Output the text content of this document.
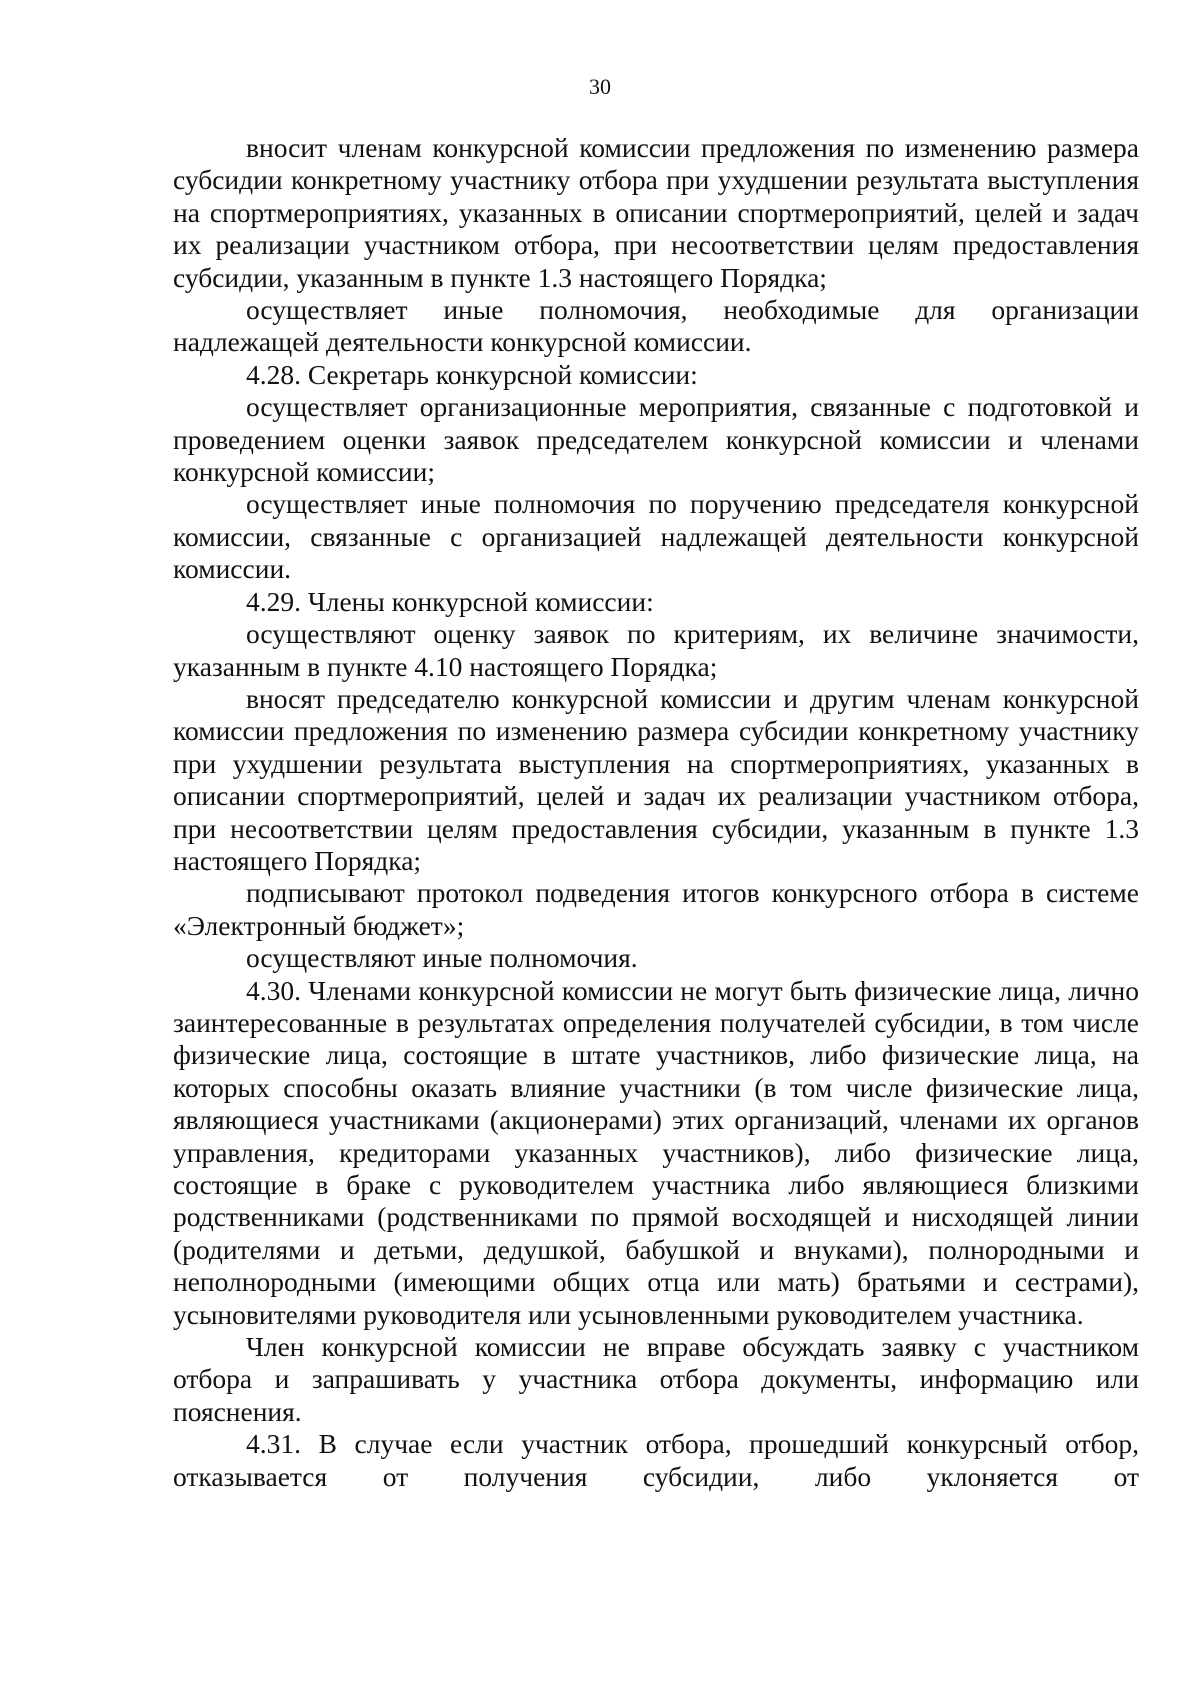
30

вносит членам конкурсной комиссии предложения по изменению размера субсидии конкретному участнику отбора при ухудшении результата выступления на спортмероприятиях, указанных в описании спортмероприятий, целей и задач их реализации участником отбора, при несоответствии целям предоставления субсидии, указанным в пункте 1.3 настоящего Порядка;

осуществляет иные полномочия, необходимые для организации надлежащей деятельности конкурсной комиссии.

4.28. Секретарь конкурсной комиссии:

осуществляет организационные мероприятия, связанные с подготовкой и проведением оценки заявок председателем конкурсной комиссии и членами конкурсной комиссии;

осуществляет иные полномочия по поручению председателя конкурсной комиссии, связанные с организацией надлежащей деятельности конкурсной комиссии.

4.29. Члены конкурсной комиссии:

осуществляют оценку заявок по критериям, их величине значимости, указанным в пункте 4.10 настоящего Порядка;

вносят председателю конкурсной комиссии и другим членам конкурсной комиссии предложения по изменению размера субсидии конкретному участнику при ухудшении результата выступления на спортмероприятиях, указанных в описании спортмероприятий, целей и задач их реализации участником отбора, при несоответствии целям предоставления субсидии, указанным в пункте 1.3 настоящего Порядка;

подписывают протокол подведения итогов конкурсного отбора в системе «Электронный бюджет»;

осуществляют иные полномочия.

4.30. Членами конкурсной комиссии не могут быть физические лица, лично заинтересованные в результатах определения получателей субсидии, в том числе физические лица, состоящие в штате участников, либо физические лица, на которых способны оказать влияние участники (в том числе физические лица, являющиеся участниками (акционерами) этих организаций, членами их органов управления, кредиторами указанных участников), либо физические лица, состоящие в браке с руководителем участника либо являющиеся близкими родственниками (родственниками по прямой восходящей и нисходящей линии (родителями и детьми, дедушкой, бабушкой и внуками), полнородными и неполнородными (имеющими общих отца или мать) братьями и сестрами), усыновителями руководителя или усыновленными руководителем участника.

Член конкурсной комиссии не вправе обсуждать заявку с участником отбора и запрашивать у участника отбора документы, информацию или пояснения.

4.31. В случае если участник отбора, прошедший конкурсный отбор, отказывается от получения субсидии, либо уклоняется от
